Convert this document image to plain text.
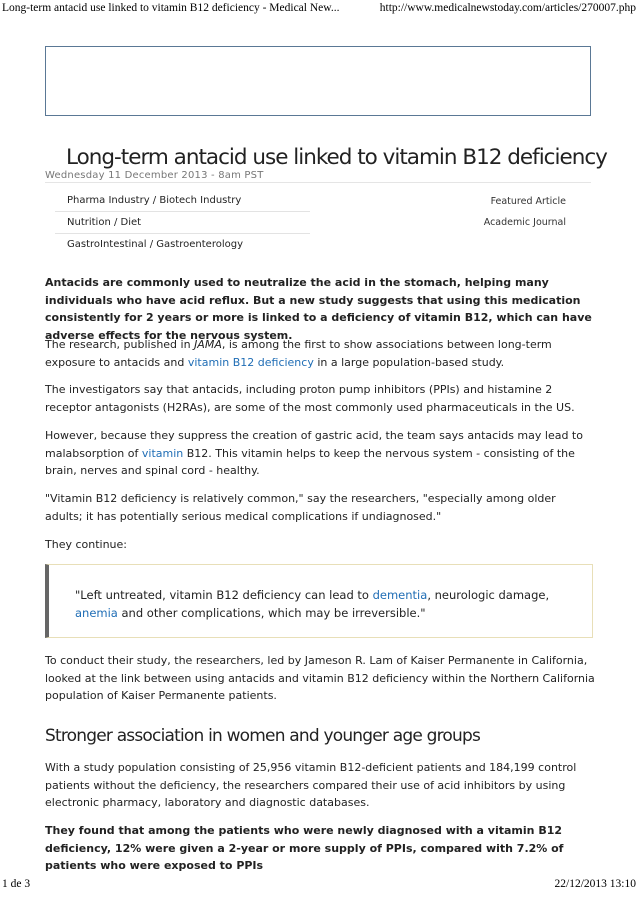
Long-term antacid use linked to vitamin B12 deficiency - Medical New...	http://www.medicalnewstoday.com/articles/270007.php
Long-term antacid use linked to vitamin B12 deficiency
Wednesday 11 December 2013 - 8am PST
Pharma Industry / Biotech Industry
Nutrition / Diet
GastroIntestinal / Gastroenterology
Featured Article
Academic Journal

Antacids are commonly used to neutralize the acid in the stomach, helping many individuals who have acid reflux. But a new study suggests that using this medication consistently for 2 years or more is linked to a deficiency of vitamin B12, which can have adverse effects for the nervous system.

The research, published in JAMA, is among the first to show associations between long-term exposure to antacids and vitamin B12 deficiency in a large population-based study.

The investigators say that antacids, including proton pump inhibitors (PPIs) and histamine 2 receptor antagonists (H2RAs), are some of the most commonly used pharmaceuticals in the US.

However, because they suppress the creation of gastric acid, the team says antacids may lead to malabsorption of vitamin B12. This vitamin helps to keep the nervous system - consisting of the brain, nerves and spinal cord - healthy.

"Vitamin B12 deficiency is relatively common," say the researchers, "especially among older adults; it has potentially serious medical complications if undiagnosed."

They continue:

"Left untreated, vitamin B12 deficiency can lead to dementia, neurologic damage, anemia and other complications, which may be irreversible."

To conduct their study, the researchers, led by Jameson R. Lam of Kaiser Permanente in California, looked at the link between using antacids and vitamin B12 deficiency within the Northern California population of Kaiser Permanente patients.

Stronger association in women and younger age groups

With a study population consisting of 25,956 vitamin B12-deficient patients and 184,199 control patients without the deficiency, the researchers compared their use of acid inhibitors by using electronic pharmacy, laboratory and diagnostic databases.

They found that among the patients who were newly diagnosed with a vitamin B12 deficiency, 12% were given a 2-year or more supply of PPIs, compared with 7.2% of patients who were exposed to PPIs

1 de 3	22/12/2013 13:10
